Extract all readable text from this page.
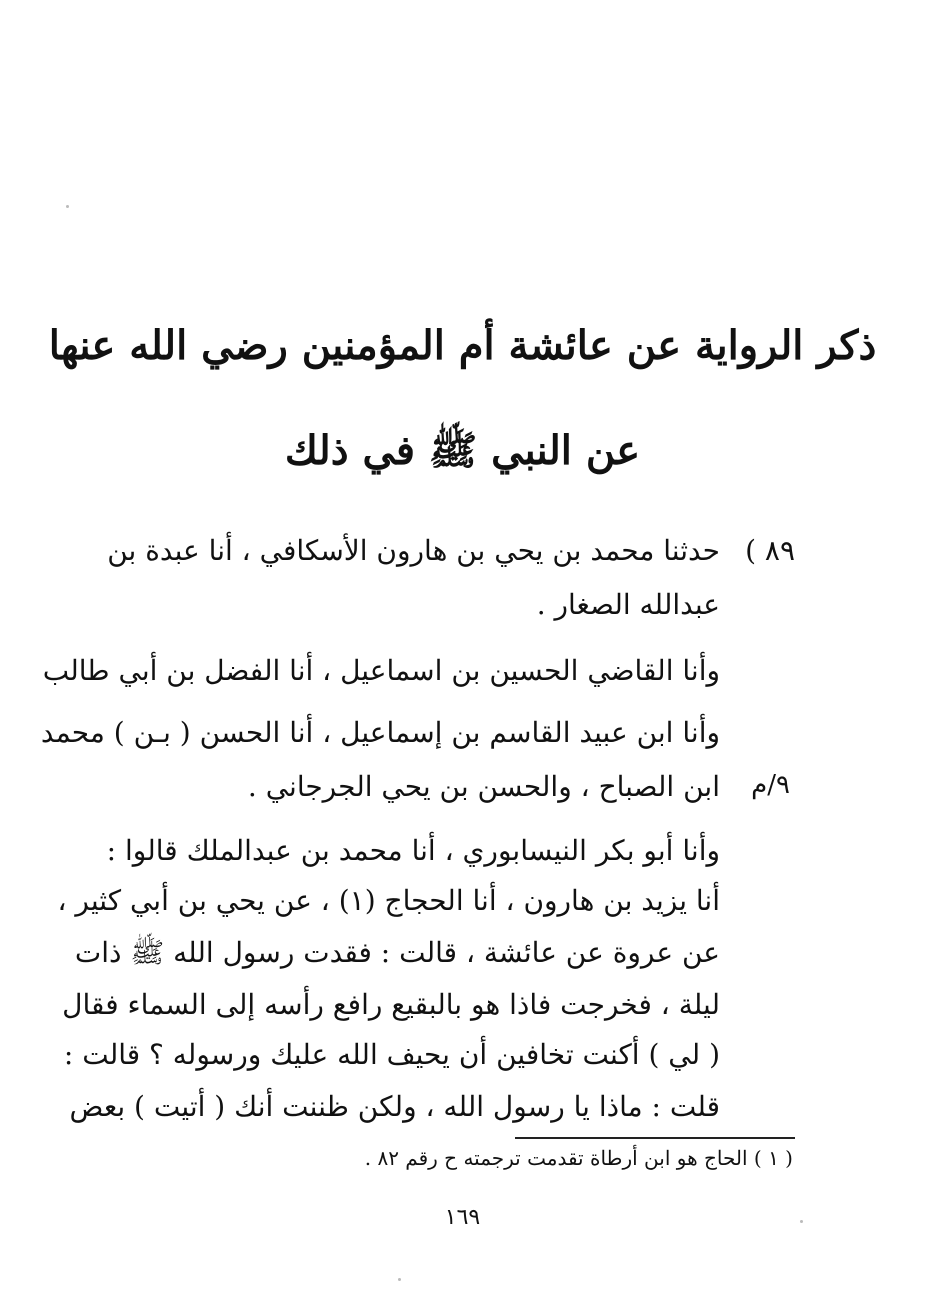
ذكر الرواية عن عائشة أم المؤمنين رضي الله عنها
عن النبي ﷺ في ذلك
٨٩ )
حدثنا محمد بن يحي بن هارون الأسكافي ، أنا عبدة بن
عبدالله الصغار .
وأنا القاضي الحسين بن اسماعيل ، أنا الفضل بن أبي طالب
وأنا ابن عبيد القاسم بن إسماعيل ، أنا الحسن ( بـن ) محمد
٩/م
ابن الصباح ، والحسن بن يحي الجرجاني .
وأنا أبو بكر النيسابوري ، أنا محمد بن عبدالملك قالوا :
أنا يزيد بن هارون ، أنا الحجاج (١) ، عن يحي بن أبي كثير ،
عن عروة عن عائشة ، قالت : فقدت رسول الله ﷺ ذات
ليلة ، فخرجت فاذا هو بالبقيع رافع رأسه إلى السماء فقال
( لي ) أكنت تخافين أن يحيف الله عليك ورسوله ؟ قالت :
قلت : ماذا يا رسول الله ، ولكن ظننت أنك ( أتيت ) بعض
( ١ ) الحاج هو ابن أرطاة تقدمت ترجمته ح رقم ٨٢ .
١٦٩
